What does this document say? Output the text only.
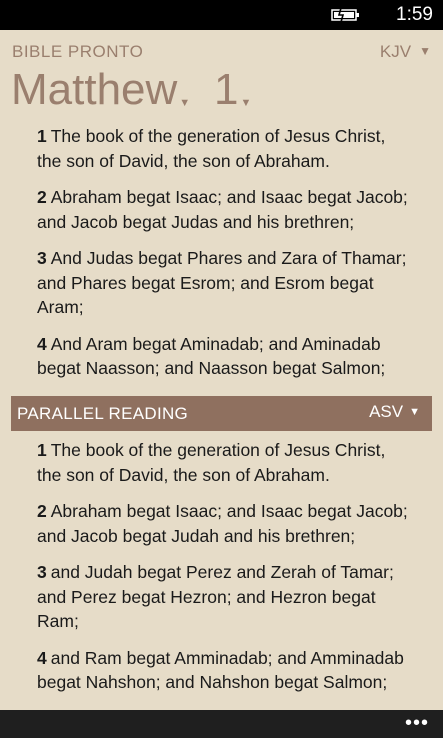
1:59
BIBLE PRONTO	KJV ▼
Matthew ▼ 1 ▼

1 The book of the generation of Jesus Christ, the son of David, the son of Abraham.

2 Abraham begat Isaac; and Isaac begat Jacob; and Jacob begat Judas and his brethren;

3 And Judas begat Phares and Zara of Thamar; and Phares begat Esrom; and Esrom begat Aram;

4 And Aram begat Aminadab; and Aminadab begat Naasson; and Naasson begat Salmon;

PARALLEL READING	ASV ▼

1 The book of the generation of Jesus Christ, the son of David, the son of Abraham.

2 Abraham begat Isaac; and Isaac begat Jacob; and Jacob begat Judah and his brethren;

3 and Judah begat Perez and Zerah of Tamar; and Perez begat Hezron; and Hezron begat Ram;

4 and Ram begat Amminadab; and Amminadab begat Nahshon; and Nahshon begat Salmon;

•••
